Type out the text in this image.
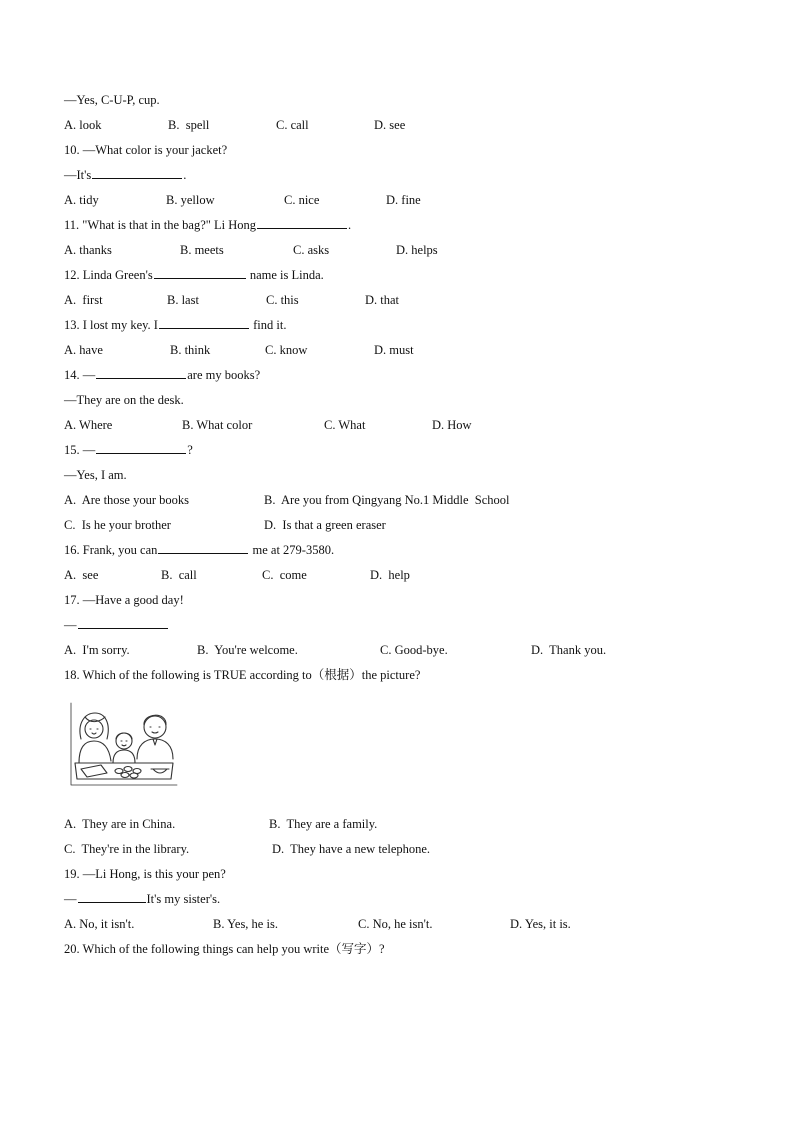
—Yes, C-U-P, cup.
A. look	B.  spell	C. call	D. see
10. —What color is your jacket?
—It's	.
A. tidy	B. yellow	C. nice	D. fine
11. "What is that in the bag?" Li Hong	.
A. thanks	B. meets	C. asks	D. helps
12. Linda Green's	name is Linda.
A.  first	B. last	C. this	D. that
13. I lost my key. I	find it.
A. have	B. think	C. know	D. must
14. —	are my books?
—They are on the desk.
A. Where	B. What color	C. What	D. How
15. —	?
—Yes, I am.
A.  Are those your books	B.  Are you from Qingyang No.1 Middle  School
C.  Is he your brother	D.  Is that a green eraser
16. Frank, you can	me at 279-3580.
A.  see	B.  call	C.  come	D.  help
17. —Have a good day!
—
A.  I'm sorry.	B.  You're welcome.	C. Good-bye.	D.  Thank you.
18. Which of the following is TRUE according to（根据）the picture?
A.  They are in China.	B.  They are a family.
C.  They're in the library.	D.  They have a new telephone.
19. —Li Hong, is this your pen?
—	It's my sister's.
A. No, it isn't.	B. Yes, he is.	C. No, he isn't.	D. Yes, it is.
20. Which of the following things can help you write（写字）?
